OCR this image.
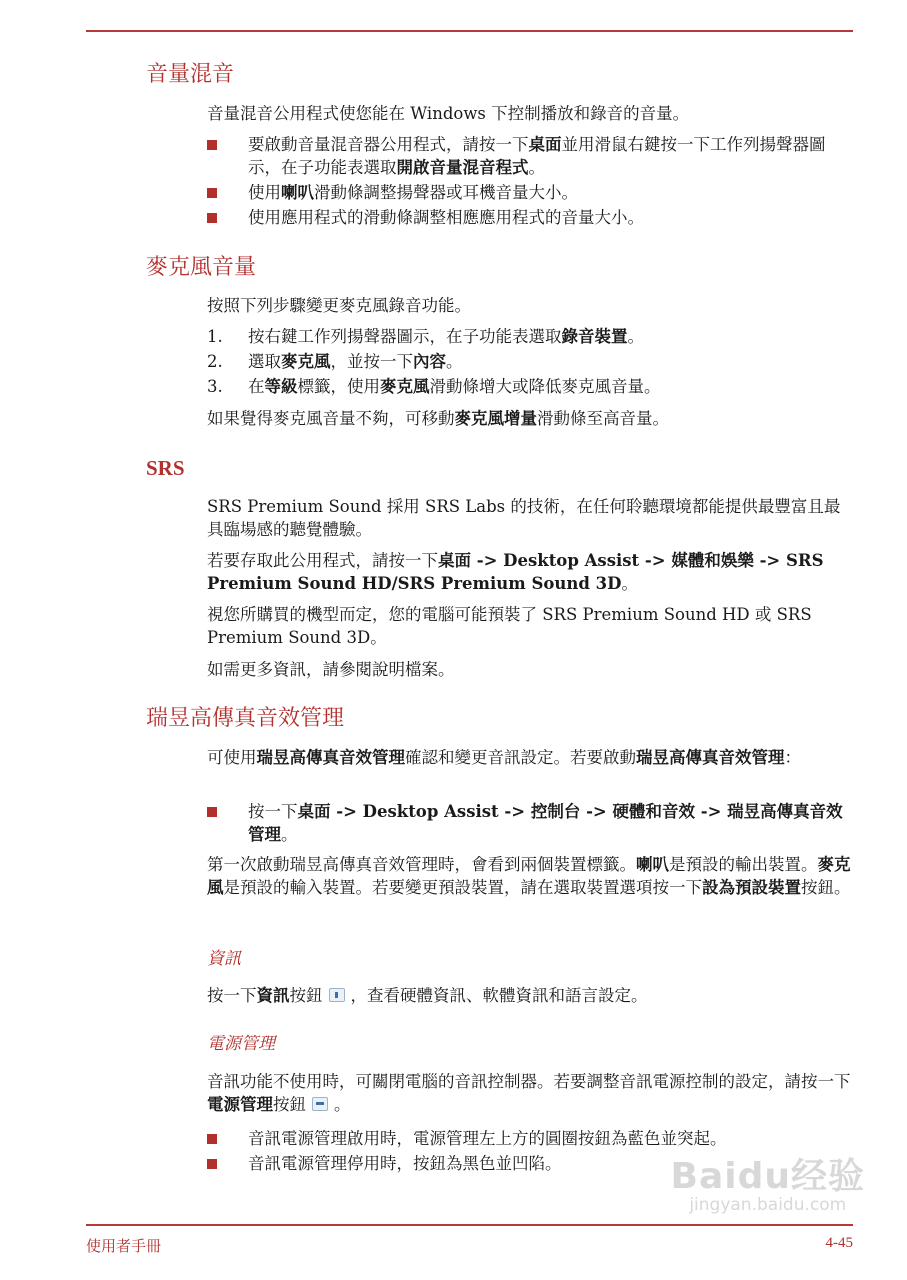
音量混音

音量混音公用程式使您能在 Windows 下控制播放和錄音的音量。

要啟動音量混音器公用程式，請按一下桌面並用滑鼠右鍵按一下工作列揚聲器圖示，在子功能表選取開啟音量混音程式。
使用喇叭滑動條調整揚聲器或耳機音量大小。
使用應用程式的滑動條調整相應應用程式的音量大小。
麥克風音量

按照下列步驟變更麥克風錄音功能。

1. 按右鍵工作列揚聲器圖示，在子功能表選取錄音裝置。
2. 選取麥克風，並按一下內容。
3. 在等級標籤，使用麥克風滑動條增大或降低麥克風音量。

如果覺得麥克風音量不夠，可移動麥克風增量滑動條至高音量。

SRS

SRS Premium Sound 採用 SRS Labs 的技術，在任何聆聽環境都能提供最豐富且最具臨場感的聽覺體驗。

若要存取此公用程式，請按一下桌面 -> Desktop Assist -> 媒體和娛樂 -> SRS Premium Sound HD/SRS Premium Sound 3D。

視您所購買的機型而定，您的電腦可能預裝了 SRS Premium Sound HD 或 SRS Premium Sound 3D。

如需更多資訊，請參閱說明檔案。

瑞昱高傳真音效管理

可使用瑞昱高傳真音效管理確認和變更音訊設定。若要啟動瑞昱高傳真音效管理：

按一下桌面 -> Desktop Assist -> 控制台 -> 硬體和音效 -> 瑞昱高傳真音效管理。

第一次啟動瑞昱高傳真音效管理時，會看到兩個裝置標籤。喇叭是預設的輸出裝置。麥克風是預設的輸入裝置。若要變更預設裝置，請在選取裝置選項按一下設為預設裝置按鈕。

資訊

按一下資訊按鈕 ，查看硬體資訊、軟體資訊和語言設定。

電源管理

音訊功能不使用時，可關閉電腦的音訊控制器。若要調整音訊電源控制的設定，請按一下 電源管理按鈕 。

音訊電源管理啟用時，電源管理左上方的圓圈按鈕為藍色並突起。
音訊電源管理停用時，按鈕為黑色並凹陷。	Baidu经验
jingyan.baidu.com
使用者手冊	4-45
